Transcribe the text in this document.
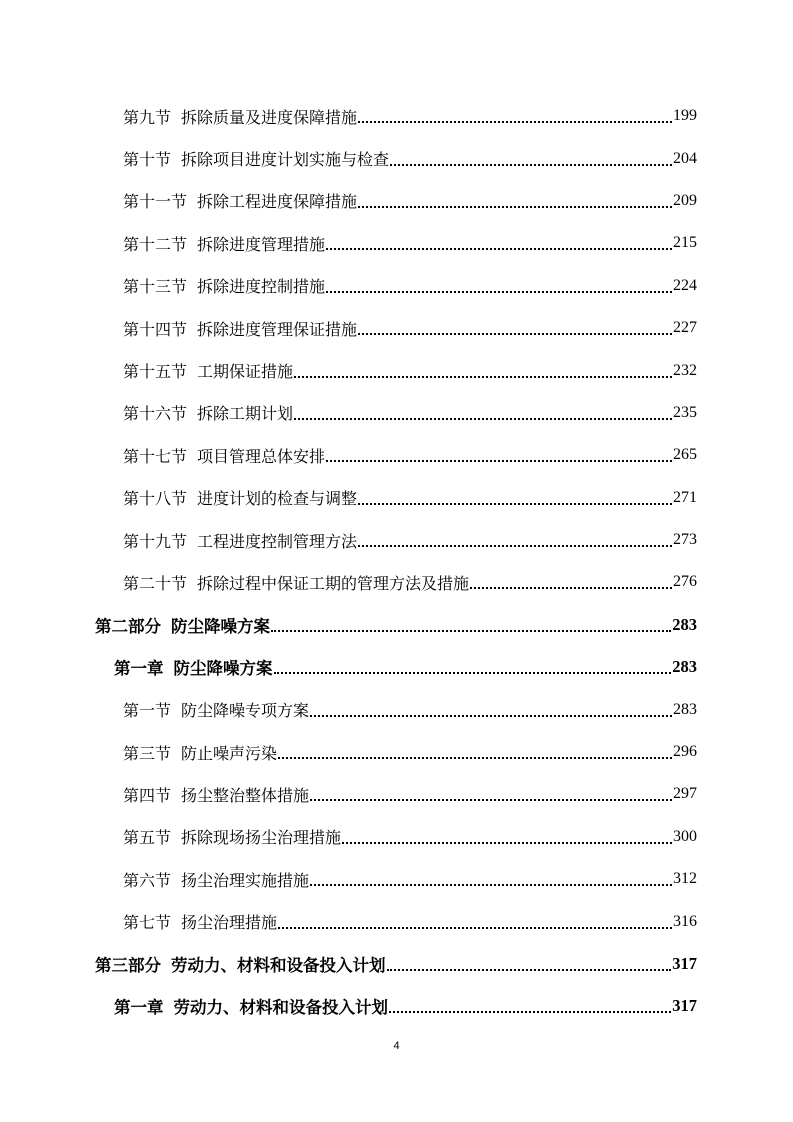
第九节 拆除质量及进度保障措施	199
第十节 拆除项目进度计划实施与检查	204
第十一节 拆除工程进度保障措施	209
第十二节 拆除进度管理措施	215
第十三节 拆除进度控制措施	224
第十四节 拆除进度管理保证措施	227
第十五节 工期保证措施	232
第十六节 拆除工期计划	235
第十七节 项目管理总体安排	265
第十八节 进度计划的检查与调整	271
第十九节 工程进度控制管理方法	273
第二十节 拆除过程中保证工期的管理方法及措施	276
第二部分 防尘降噪方案	283
第一章 防尘降噪方案	283
第一节 防尘降噪专项方案	283
第三节 防止噪声污染	296
第四节 扬尘整治整体措施	297
第五节 拆除现场扬尘治理措施	300
第六节 扬尘治理实施措施	312
第七节 扬尘治理措施	316
第三部分 劳动力、材料和设备投入计划	317
第一章 劳动力、材料和设备投入计划	317
4
